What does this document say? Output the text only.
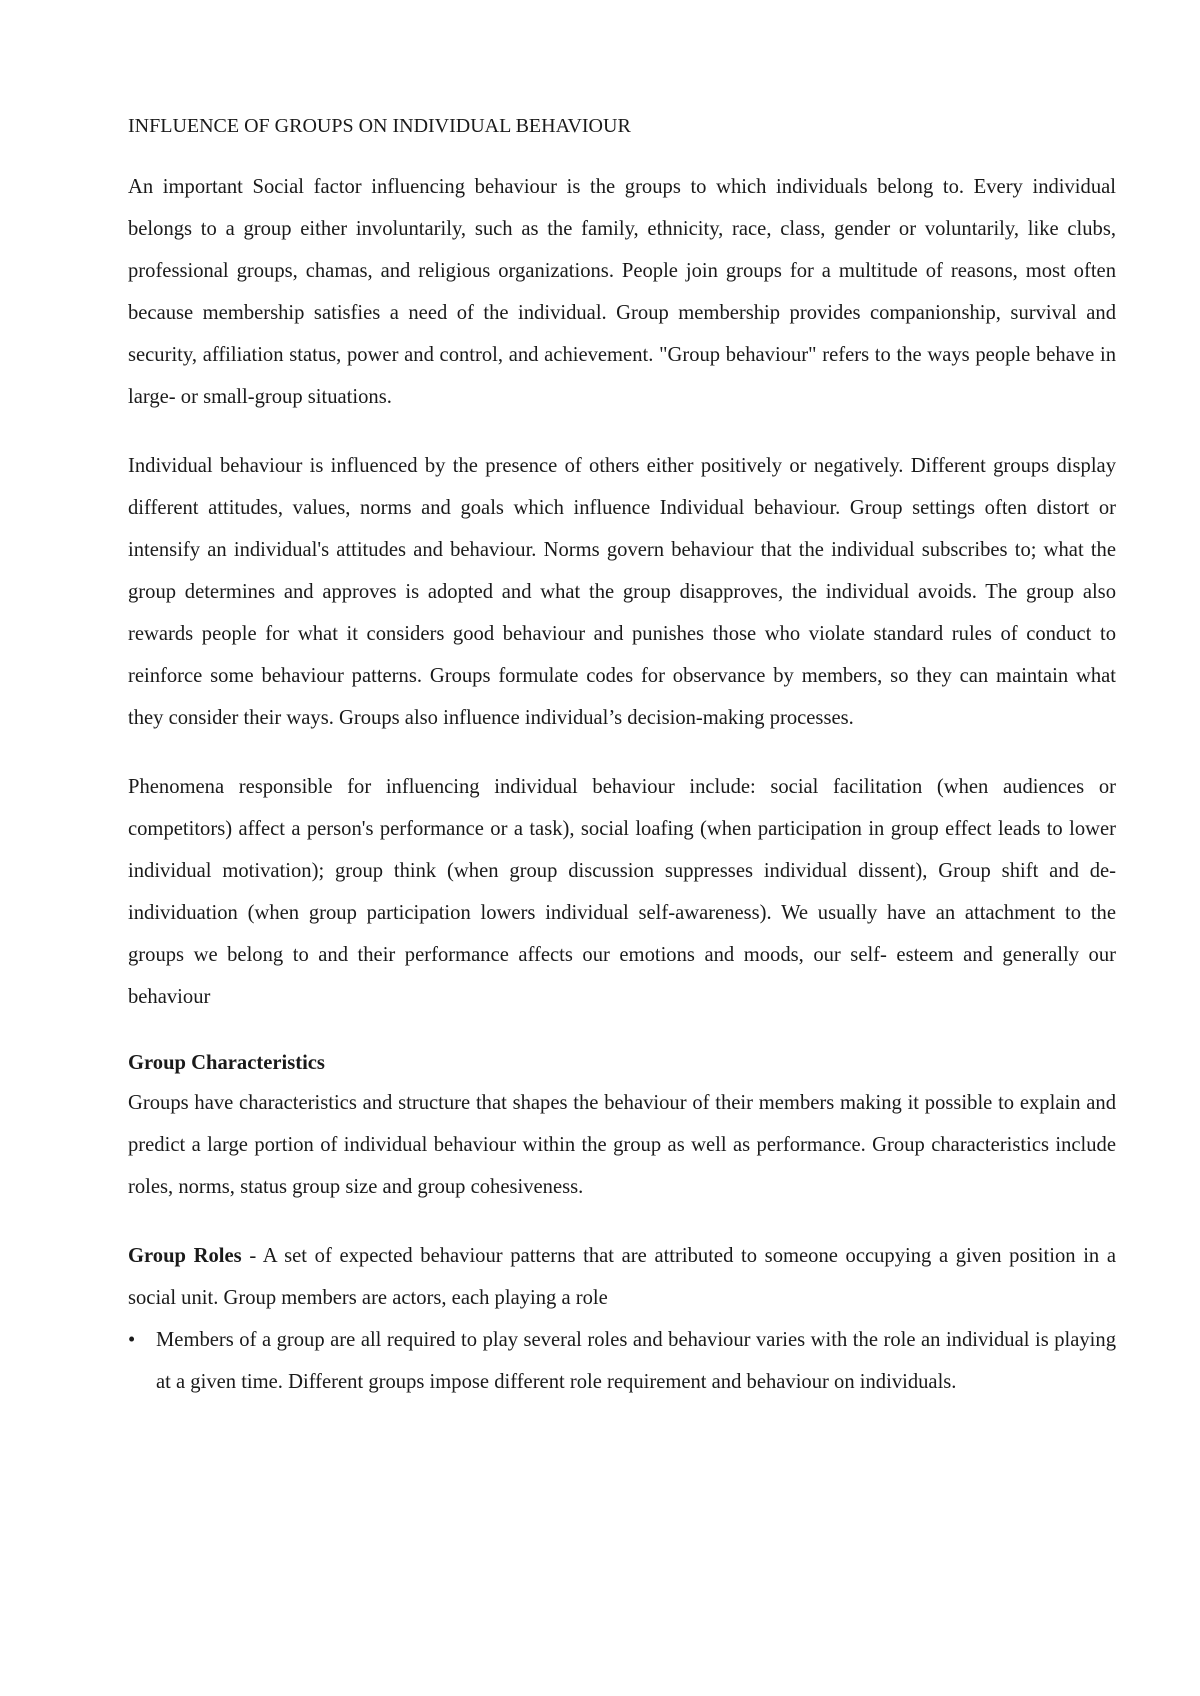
INFLUENCE OF GROUPS ON INDIVIDUAL BEHAVIOUR

An important Social factor influencing behaviour is the groups to which individuals belong to. Every individual belongs to a group either involuntarily, such as the family, ethnicity, race, class, gender or voluntarily, like clubs, professional groups, chamas, and religious organizations. People join groups for a multitude of reasons, most often because membership satisfies a need of the individual. Group membership provides companionship, survival and security, affiliation status, power and control, and achievement. "Group behaviour" refers to the ways people behave in large- or small-group situations.

Individual behaviour is influenced by the presence of others either positively or negatively. Different groups display different attitudes, values, norms and goals which influence Individual behaviour. Group settings often distort or intensify an individual's attitudes and behaviour. Norms govern behaviour that the individual subscribes to; what the group determines and approves is adopted and what the group disapproves, the individual avoids. The group also rewards people for what it considers good behaviour and punishes those who violate standard rules of conduct to reinforce some behaviour patterns. Groups formulate codes for observance by members, so they can maintain what they consider their ways. Groups also influence individual’s decision-making processes.

Phenomena responsible for influencing individual behaviour include: social facilitation (when audiences or competitors) affect a person's performance or a task), social loafing (when participation in group effect leads to lower individual motivation); group think (when group discussion suppresses individual dissent), Group shift and de-individuation (when group participation lowers individual self-awareness). We usually have an attachment to the groups we belong to and their performance affects our emotions and moods, our self- esteem and generally our behaviour

Group Characteristics

Groups have characteristics and structure that shapes the behaviour of their members making it possible to explain and predict a large portion of individual behaviour within the group as well as performance. Group characteristics include roles, norms, status group size and group cohesiveness.

Group Roles - A set of expected behaviour patterns that are attributed to someone occupying a given position in a social unit. Group members are actors, each playing a role

•	Members of a group are all required to play several roles and behaviour varies with the role an individual is playing at a given time. Different groups impose different role requirement and behaviour on individuals.
